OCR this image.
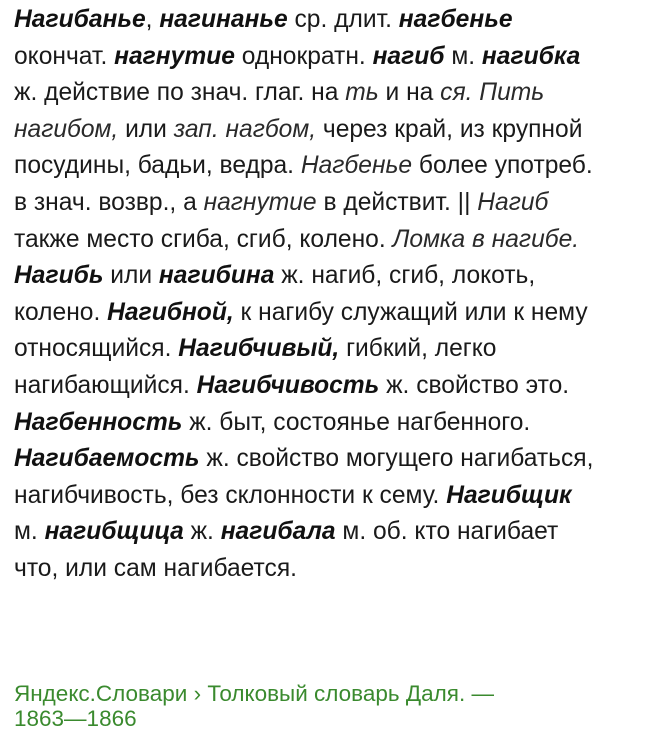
Нагибанье, нагинанье ср. длит. нагбенье
окончат. нагнутие однократн. нагиб м. нагибка
ж. действие по знач. глаг. на ть и на ся. Пить
нагибом, или зап. нагбом, через край, из крупной
посудины, бадьи, ведра. Нагбенье более употреб.
в знач. возвр., а нагнутие в действит. || Нагиб
также место сгиба, сгиб, колено. Ломка в нагибе.
Нагибь или нагибина ж. нагиб, сгиб, локоть,
колено. Нагибной, к нагибу служащий или к нему
относящийся. Нагибчивый, гибкий, легко
нагибающийся. Нагибчивость ж. свойство это.
Нагбенность ж. быт, состоянье нагбенного.
Нагибаемость ж. свойство могущего нагибаться,
нагибчивость, без склонности к сему. Нагибщик
м. нагибщица ж. нагибала м. об. кто нагибает
что, или сам нагибается.
Яндекс.Словари › Толковый словарь Даля. —
1863—1866
